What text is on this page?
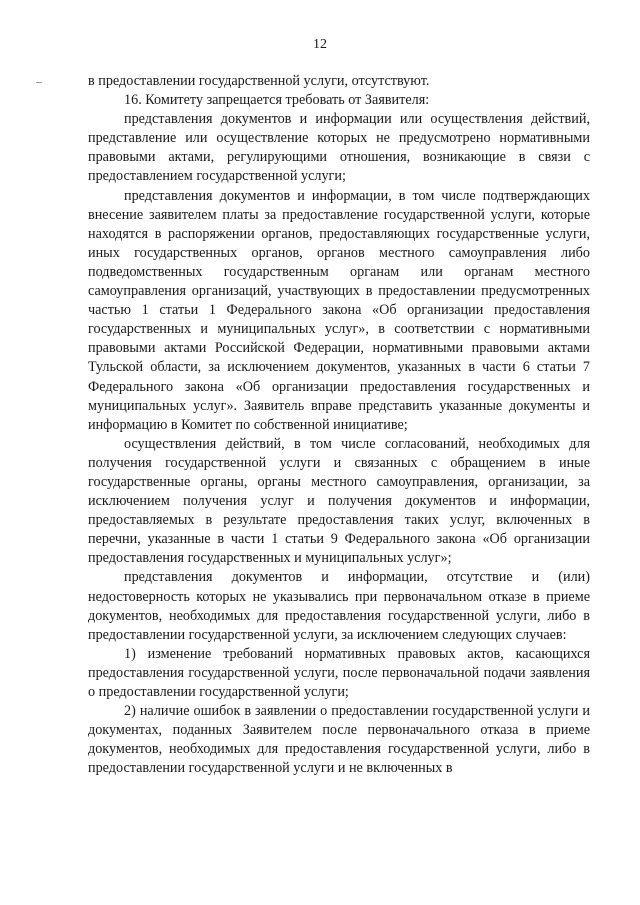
12

в предоставлении государственной услуги, отсутствуют.

16. Комитету запрещается требовать от Заявителя:

представления документов и информации или осуществления действий, представление или осуществление которых не предусмотрено нормативными правовыми актами, регулирующими отношения, возникающие в связи с предоставлением государственной услуги;

представления документов и информации, в том числе подтверждающих внесение заявителем платы за предоставление государственной услуги, которые находятся в распоряжении органов, предоставляющих государственные услуги, иных государственных органов, органов местного самоуправления либо подведомственных государственным органам или органам местного самоуправления организаций, участвующих в предоставлении предусмотренных частью 1 статьи 1 Федерального закона «Об организации предоставления государственных и муниципальных услуг», в соответствии с нормативными правовыми актами Российской Федерации, нормативными правовыми актами Тульской области, за исключением документов, указанных в части 6 статьи 7 Федерального закона «Об организации предоставления государственных и муниципальных услуг». Заявитель вправе представить указанные документы и информацию в Комитет по собственной инициативе;

осуществления действий, в том числе согласований, необходимых для получения государственной услуги и связанных с обращением в иные государственные органы, органы местного самоуправления, организации, за исключением получения услуг и получения документов и информации, предоставляемых в результате предоставления таких услуг, включенных в перечни, указанные в части 1 статьи 9 Федерального закона «Об организации предоставления государственных и муниципальных услуг»;

представления документов и информации, отсутствие и (или) недостоверность которых не указывались при первоначальном отказе в приеме документов, необходимых для предоставления государственной услуги, либо в предоставлении государственной услуги, за исключением следующих случаев:

1) изменение требований нормативных правовых актов, касающихся предоставления государственной услуги, после первоначальной подачи заявления о предоставлении государственной услуги;

2) наличие ошибок в заявлении о предоставлении государственной услуги и документах, поданных Заявителем после первоначального отказа в приеме документов, необходимых для предоставления государственной услуги, либо в предоставлении государственной услуги и не включенных в
